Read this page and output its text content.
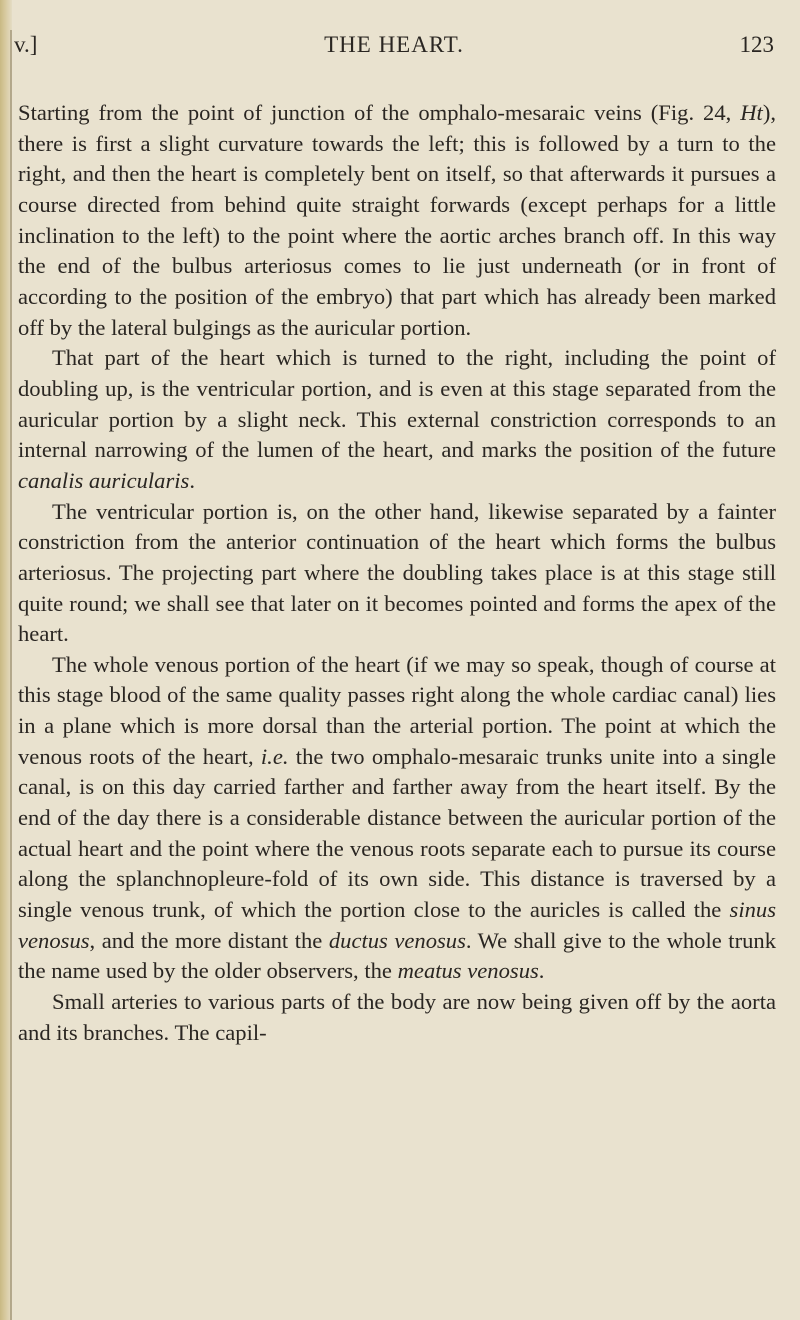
v.]	THE HEART.	123

Starting from the point of junction of the omphalo-mesaraic veins (Fig. 24, Ht), there is first a slight curvature towards the left; this is followed by a turn to the right, and then the heart is completely bent on itself, so that afterwards it pursues a course directed from behind quite straight forwards (except perhaps for a little inclination to the left) to the point where the aortic arches branch off. In this way the end of the bulbus arteriosus comes to lie just underneath (or in front of according to the position of the embryo) that part which has already been marked off by the lateral bulgings as the auricular portion.

That part of the heart which is turned to the right, including the point of doubling up, is the ventricular portion, and is even at this stage separated from the auricular portion by a slight neck. This external constriction corresponds to an internal narrowing of the lumen of the heart, and marks the position of the future canalis auricularis.

The ventricular portion is, on the other hand, likewise separated by a fainter constriction from the anterior continuation of the heart which forms the bulbus arteriosus. The projecting part where the doubling takes place is at this stage still quite round; we shall see that later on it becomes pointed and forms the apex of the heart.

The whole venous portion of the heart (if we may so speak, though of course at this stage blood of the same quality passes right along the whole cardiac canal) lies in a plane which is more dorsal than the arterial portion. The point at which the venous roots of the heart, i.e. the two omphalo-mesaraic trunks unite into a single canal, is on this day carried farther and farther away from the heart itself. By the end of the day there is a considerable distance between the auricular portion of the actual heart and the point where the venous roots separate each to pursue its course along the splanchnopleure-fold of its own side. This distance is traversed by a single venous trunk, of which the portion close to the auricles is called the sinus venosus, and the more distant the ductus venosus. We shall give to the whole trunk the name used by the older observers, the meatus venosus.

Small arteries to various parts of the body are now being given off by the aorta and its branches. The capil-
